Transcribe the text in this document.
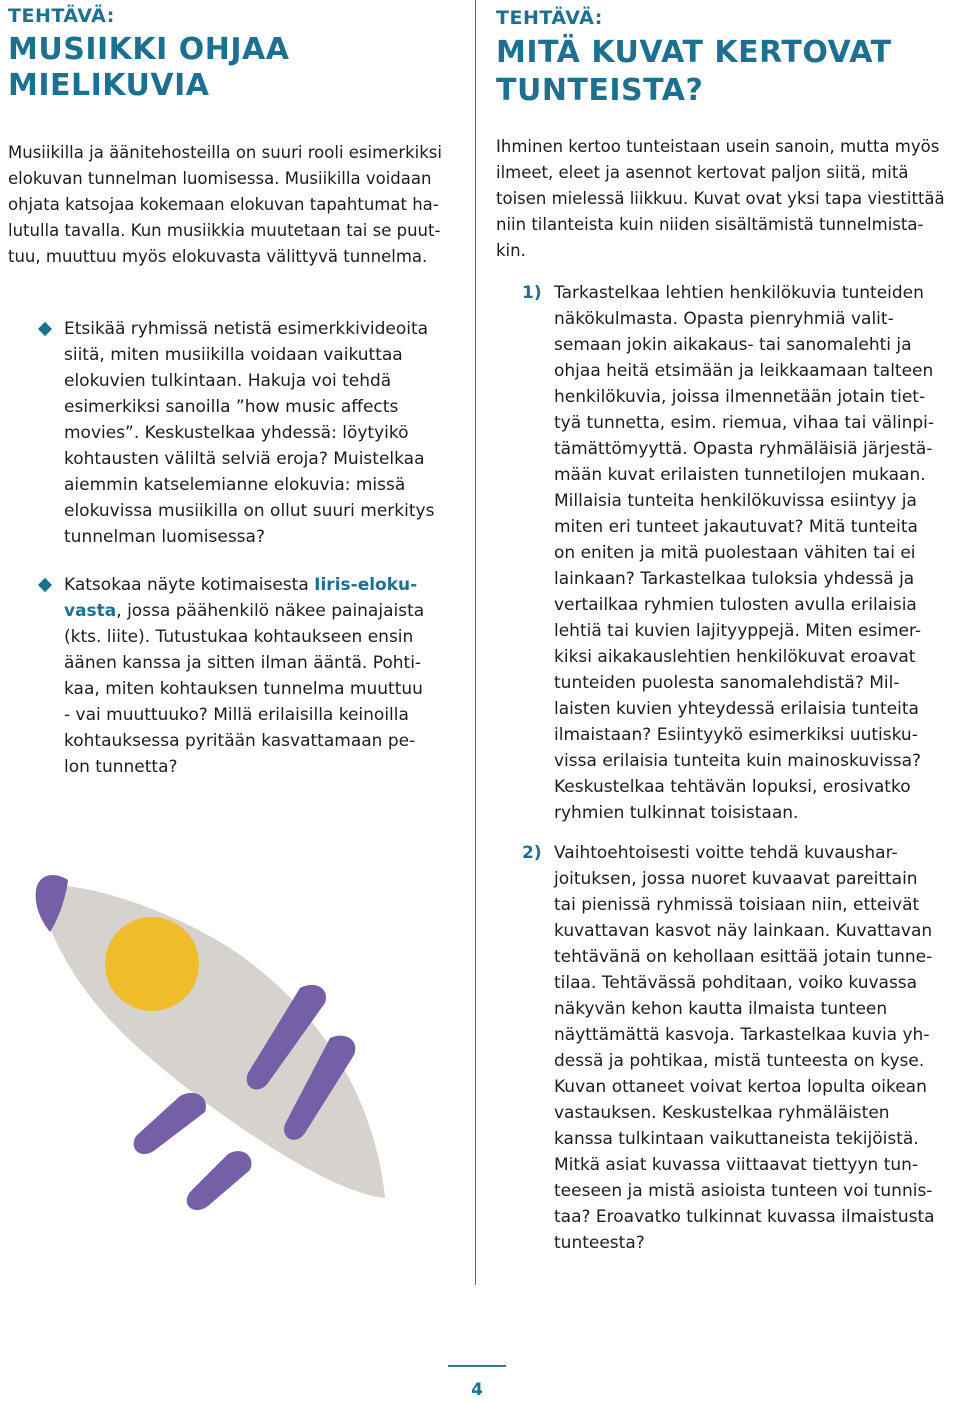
TEHTÄVÄ:

MUSIIKKI OHJAA MIELIKUVIA

Musiikilla ja äänitehosteilla on suuri rooli esimerkiksi
elokuvan tunnelman luomisessa. Musiikilla voidaan
ohjata katsojaa kokemaan elokuvan tapahtumat ha-
lutulla tavalla. Kun musiikkia muutetaan tai se puut-
tuu, muuttuu myös elokuvasta välittyvä tunnelma.

Etsikää ryhmissä netistä esimerkkivideoita
siitä, miten musiikilla voidaan vaikuttaa
elokuvien tulkintaan. Hakuja voi tehdä
esimerkiksi sanoilla ”how music affects
movies”. Keskustelkaa yhdessä: löytyikö
kohtausten väliltä selviä eroja? Muistelkaa
aiemmin katselemianne elokuvia: missä
elokuvissa musiikilla on ollut suuri merkitys
tunnelman luomisessa?

Katsokaa näyte kotimaisesta Iiris-eloku-
vasta, jossa päähenkilö näkee painajaista
(kts. liite). Tutustukaa kohtaukseen ensin
äänen kanssa ja sitten ilman ääntä. Pohti-
kaa, miten kohtauksen tunnelma muuttuu
- vai muuttuuko? Millä erilaisilla keinoilla
kohtauksessa pyritään kasvattamaan pe-
lon tunnetta?

TEHTÄVÄ:

MITÄ KUVAT KERTOVAT
TUNTEISTA?

Ihminen kertoo tunteistaan usein sanoin, mutta myös
ilmeet, eleet ja asennot kertovat paljon siitä, mitä
toisen mielessä liikkuu. Kuvat ovat yksi tapa viestittää
niin tilanteista kuin niiden sisältämistä tunnelmista-
kin.

1) Tarkastelkaa lehtien henkilökuvia tunteiden
näkökulmasta. Opasta pienryhmiä valit-
semaan jokin aikakaus- tai sanomalehti ja
ohjaa heitä etsimään ja leikkaamaan talteen
henkilökuvia, joissa ilmennetään jotain tiet-
tyä tunnetta, esim. riemua, vihaa tai välinpi-
tämättömyyttä. Opasta ryhmäläisiä järjestä-
mään kuvat erilaisten tunnetilojen mukaan.
Millaisia tunteita henkilökuvissa esiintyy ja
miten eri tunteet jakautuvat? Mitä tunteita
on eniten ja mitä puolestaan vähiten tai ei
lainkaan? Tarkastelkaa tuloksia yhdessä ja
vertailkaa ryhmien tulosten avulla erilaisia
lehtiä tai kuvien lajityyppejä. Miten esimer-
kiksi aikakauslehtien henkilökuvat eroavat
tunteiden puolesta sanomalehdistä? Mil-
laisten kuvien yhteydessä erilaisia tunteita
ilmaistaan? Esiintyykö esimerkiksi uutisku-
vissa erilaisia tunteita kuin mainoskuvissa?
Keskustelkaa tehtävän lopuksi, erosivatko
ryhmien tulkinnat toisistaan.

2) Vaihtoehtoisesti voitte tehdä kuvaushar-
joituksen, jossa nuoret kuvaavat pareittain
tai pienissä ryhmissä toisiaan niin, etteivät
kuvattavan kasvot näy lainkaan. Kuvattavan
tehtävänä on kehollaan esittää jotain tunne-
tilaa. Tehtävässä pohditaan, voiko kuvassa
näkyvän kehon kautta ilmaista tunteen
näyttämättä kasvoja. Tarkastelkaa kuvia yh-
dessä ja pohtikaa, mistä tunteesta on kyse.
Kuvan ottaneet voivat kertoa lopulta oikean
vastauksen. Keskustelkaa ryhmäläisten
kanssa tulkintaan vaikuttaneista tekijöistä.
Mitkä asiat kuvassa viittaavat tiettyyn tun-
teeseen ja mistä asioista tunteen voi tunnis-
taa? Eroavatko tulkinnat kuvassa ilmaistusta
tunteesta?

4
